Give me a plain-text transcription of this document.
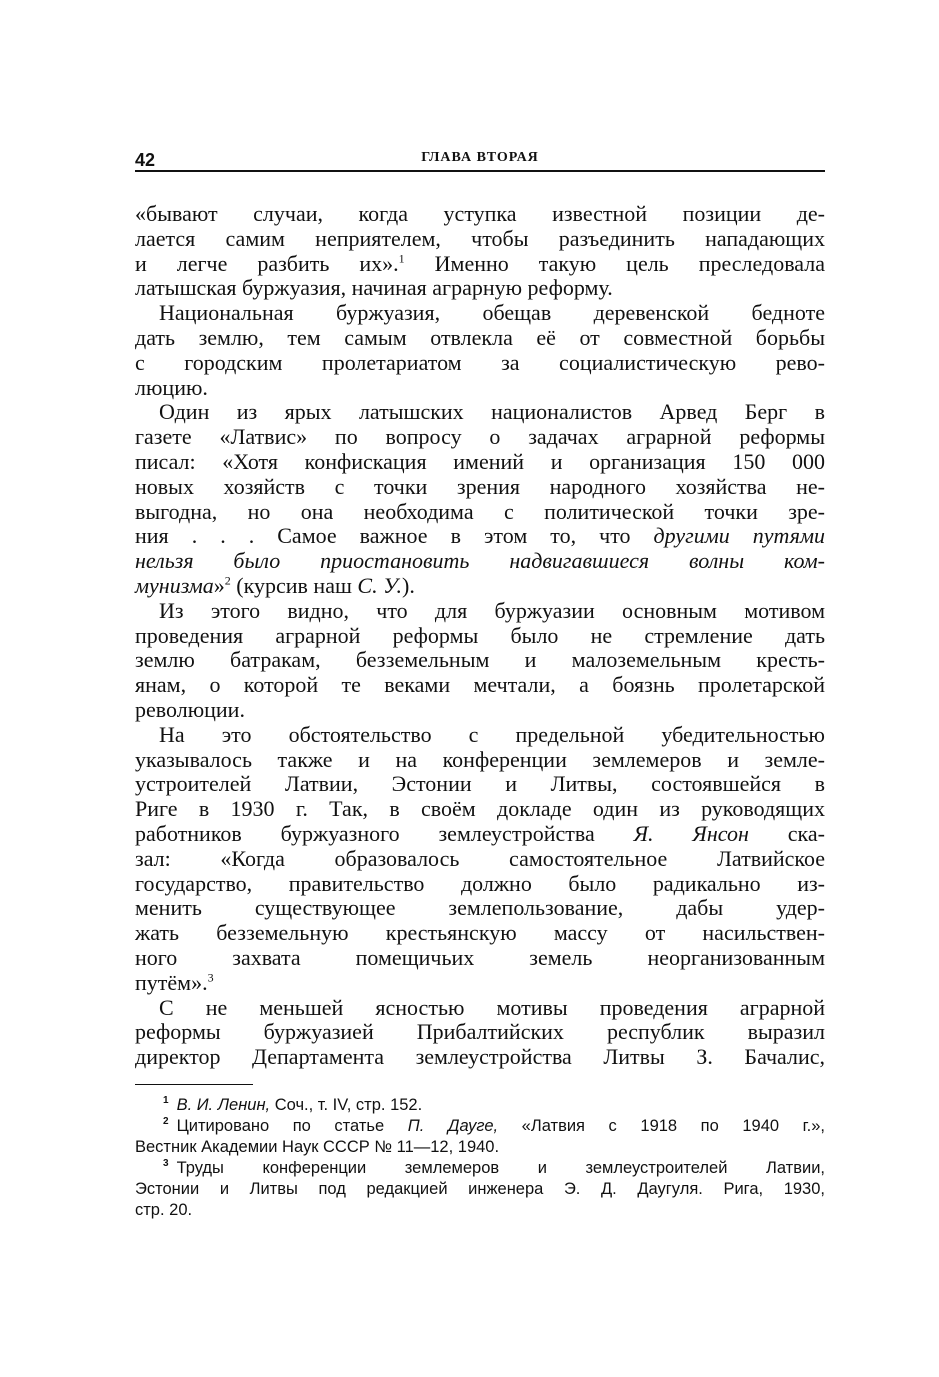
42	ГЛАВА ВТОРАЯ
«бывают случаи, когда уступка известной позиции де-
лается самим неприятелем, чтобы разъединить нападающих
и легче разбить их».$^1$ Именно такую цель преследовала
латышская буржуазия, начиная аграрную реформу.
Национальная буржуазия, обещав деревенской бедноте
дать землю, тем самым отвлекла её от совместной борьбы
с городским пролетариатом за социалистическую рево-
люцию.
Один из ярых латышских националистов Арвед Берг в
газете «Латвис» по вопросу о задачах аграрной реформы
писал: «Хотя конфискация имений и организация 150 000
новых хозяйств с точки зрения народного хозяйства не-
выгодна, но она необходима с политической точки зре-
ния . . . Самое важное в этом то, что другими путями
нельзя было приостановить надвигавшиеся волны ком-
мунизма»$^2$ (курсив наш С. У.).
Из этого видно, что для буржуазии основным мотивом
проведения аграрной реформы было не стремление дать
землю батракам, безземельным и малоземельным кресть-
янам, о которой те веками мечтали, а боязнь пролетарской
революции.
На это обстоятельство с предельной убедительностью
указывалось также и на конференции землемеров и земле-
устроителей Латвии, Эстонии и Литвы, состоявшейся в
Риге в 1930 г. Так, в своём докладе один из руководящих
работников буржуазного землеустройства Я. Янсон ска-
зал: «Когда образовалось самостоятельное Латвийское
государство, правительство должно было радикально из-
менить существующее землепользование, дабы удер-
жать безземельную крестьянскую массу от насильствен-
ного захвата помещичьих земель неорганизованным
путём».$^3$
С не меньшей ясностью мотивы проведения аграрной
реформы буржуазией Прибалтийских республик выразил
директор Департамента землеустройства Литвы З. Бачалис,
$^1$ В. И. Ленин, Соч., т. IV, стр. 152.
$^2$ Цитировано по статье П. Дауге, «Латвия с 1918 по 1940 г.»,
Вестник Академии Наук СССР № 11—12, 1940.
$^3$ Труды конференции землемеров и землеустроителей Латвии,
Эстонии и Литвы под редакцией инженера Э. Д. Даугуля. Рига, 1930,
стр. 20.
